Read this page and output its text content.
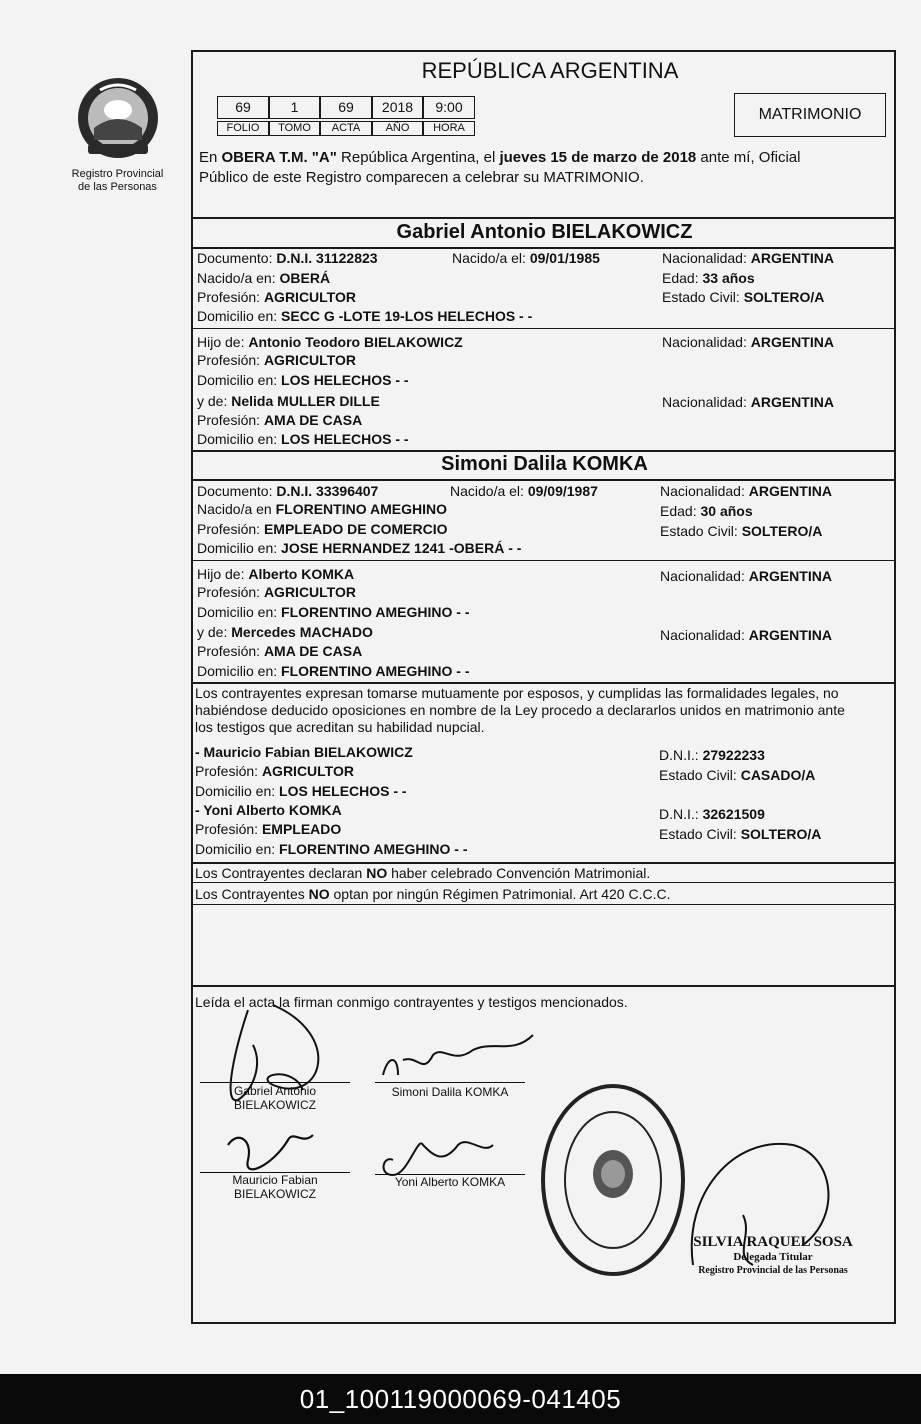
Registro Provincial
de las Personas
REPÚBLICA ARGENTINA
69	1	69	2018	9:00
FOLIO	TOMO	ACTA	AÑO	HORA
MATRIMONIO
En OBERA T.M. "A" República Argentina, el jueves 15 de marzo de 2018 ante mí, Oficial
Público de este Registro comparecen a celebrar su MATRIMONIO.
Gabriel Antonio BIELAKOWICZ
Documento: D.N.I. 31122823	Nacido/a el: 09/01/1985	Nacionalidad: ARGENTINA
Nacido/a en: OBERÁ	Edad: 33 años
Profesión: AGRICULTOR	Estado Civil: SOLTERO/A
Domicilio en: SECC G -LOTE 19-LOS HELECHOS - -
Hijo de: Antonio Teodoro BIELAKOWICZ	Nacionalidad: ARGENTINA
Profesión: AGRICULTOR
Domicilio en: LOS HELECHOS - -
y de: Nelida MULLER DILLE	Nacionalidad: ARGENTINA
Profesión: AMA DE CASA
Domicilio en: LOS HELECHOS - -
Simoni Dalila KOMKA
Documento: D.N.I. 33396407	Nacido/a el: 09/09/1987	Nacionalidad: ARGENTINA
Nacido/a en FLORENTINO AMEGHINO	Edad: 30 años
Profesión: EMPLEADO DE COMERCIO	Estado Civil: SOLTERO/A
Domicilio en: JOSE HERNANDEZ 1241 -OBERÁ - -
Hijo de: Alberto KOMKA	Nacionalidad: ARGENTINA
Profesión: AGRICULTOR
Domicilio en: FLORENTINO AMEGHINO - -
y de: Mercedes MACHADO	Nacionalidad: ARGENTINA
Profesión: AMA DE CASA
Domicilio en: FLORENTINO AMEGHINO - -
Los contrayentes expresan tomarse mutuamente por esposos, y cumplidas las formalidades legales, no
habiéndose deducido oposiciones en nombre de la Ley procedo a declararlos unidos en matrimonio ante
los testigos que acreditan su habilidad nupcial.
- Mauricio Fabian BIELAKOWICZ	D.N.I.: 27922233
Profesión: AGRICULTOR	Estado Civil: CASADO/A
Domicilio en: LOS HELECHOS - -
- Yoni Alberto KOMKA	D.N.I.: 32621509
Profesión: EMPLEADO	Estado Civil: SOLTERO/A
Domicilio en: FLORENTINO AMEGHINO - -
Los Contrayentes declaran NO haber celebrado Convención Matrimonial.
Los Contrayentes NO optan por ningún Régimen Patrimonial. Art 420 C.C.C.
Leída el acta la firman conmigo contrayentes y testigos mencionados.
Gabriel Antonio
BIELAKOWICZ
Simoni Dalila KOMKA
Mauricio Fabian
BIELAKOWICZ
Yoni Alberto KOMKA
SILVIA RAQUEL SOSA
Delegada Titular
Registro Provincial de las Personas
01_100119000069-041405
